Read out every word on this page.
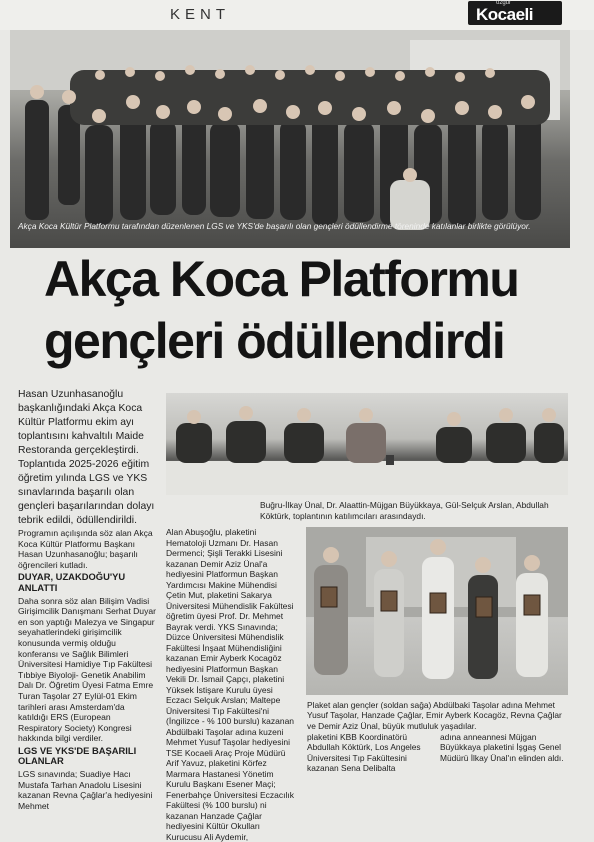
KENT
özgür
Kocaeli
Akça Koca Kültür Platformu tarafından düzenlenen LGS ve YKS'de başarılı olan gençleri ödüllendirme töreninde katılanlar birlikte görülüyor.
Akça Koca Platformu
gençleri ödüllendirdi
Hasan Uzunhasanoğlu başkanlığındaki Akça Koca Kültür Platformu ekim ayı toplantısını kahvaltılı Maide Restoranda gerçekleştirdi. Toplantıda 2025-2026 eğitim öğretim yılında LGS ve YKS sınavlarında başarılı olan gençleri başarılarından dolayı tebrik edildi, ödüllendirildi.
Programın açılışında söz alan Akça Koca Kültür Platformu Başkanı Hasan Uzunhasanoğlu; başarılı öğrencileri kutladı.
DUYAR, UZAKDOĞU'YU ANLATTI
Daha sonra söz alan Bilişim Vadisi Girişimcilik Danışmanı Serhat Duyar en son yaptığı Malezya ve Singapur seyahatlerindeki girişimcilik konusunda vermiş olduğu konferansı ve Sağlık Bilimleri Üniversitesi Hamidiye Tıp Fakültesi Tıbbiye Biyoloji- Genetik Anabilim Dalı Dr. Öğretim Üyesi Fatma Emre Turan Taşolar 27 Eylül-01 Ekim tarihleri arası Amsterdam'da katıldığı ERS (European Respiratory Society) Kongresi hakkında bilgi verdiler.
LGS VE YKS'DE BAŞARILI OLANLAR
LGS sınavında; Suadiye Hacı Mustafa Tarhan Anadolu Lisesini kazanan Revna Çağlar'a hediyesini Mehmet
Buğru-İlkay Ünal, Dr. Alaattin-Müjgan Büyükkaya, Gül-Selçuk Arslan, Abdullah Köktürk, toplantının katılımcıları arasındaydı.
Alan Abuşoğlu, plaketini Hematoloji Uzmanı Dr. Hasan Dermenci; Şişli Terakki Lisesini kazanan Demir Aziz Ünal'a hediyesini Platformun Başkan Yardımcısı Makine Mühendisi Çetin Mut, plaketini Sakarya Üniversitesi Mühendislik Fakültesi öğretim üyesi Prof. Dr. Mehmet Bayrak verdi. YKS Sınavında; Düzce Üniversitesi Mühendislik Fakültesi İnşaat Mühendisliğini kazanan Emir Ayberk Kocagöz hediyesini Platformun Başkan Vekili Dr. İsmail Çapçı, plaketini Yüksek İstişare Kurulu üyesi Eczacı Selçuk Arslan; Maltepe Üniversitesi Tıp Fakültesi'ni (İngilizce - % 100 burslu) kazanan Abdülbaki Taşolar adına kuzeni Mehmet Yusuf Taşolar hediyesini TSE Kocaeli Araç Proje Müdürü Arif Yavuz, plaketini Körfez Marmara Hastanesi Yönetim Kurulu Başkanı Esener Maçi; Fenerbahçe Üniversitesi Eczacılık Fakültesi (% 100 burslu) ni kazanan Hanzade Çağlar hediyesini Kültür Okulları Kurucusu Ali Aydemir,
Plaket alan gençler (soldan sağa) Abdülbaki Taşolar adına Mehmet Yusuf Taşolar, Hanzade Çağlar, Emir Ayberk Kocagöz, Revna Çağlar ve Demir Aziz Ünal, büyük mutluluk yaşadılar.
plaketini KBB Koordinatörü Abdullah Köktürk, Los Angeles Üniversitesi Tıp Fakültesini kazanan Sena Delibalta
adına anneannesi Müjgan Büyükkaya plaketini İşgaş Genel Müdürü İlkay Ünal'ın elinden aldı.
